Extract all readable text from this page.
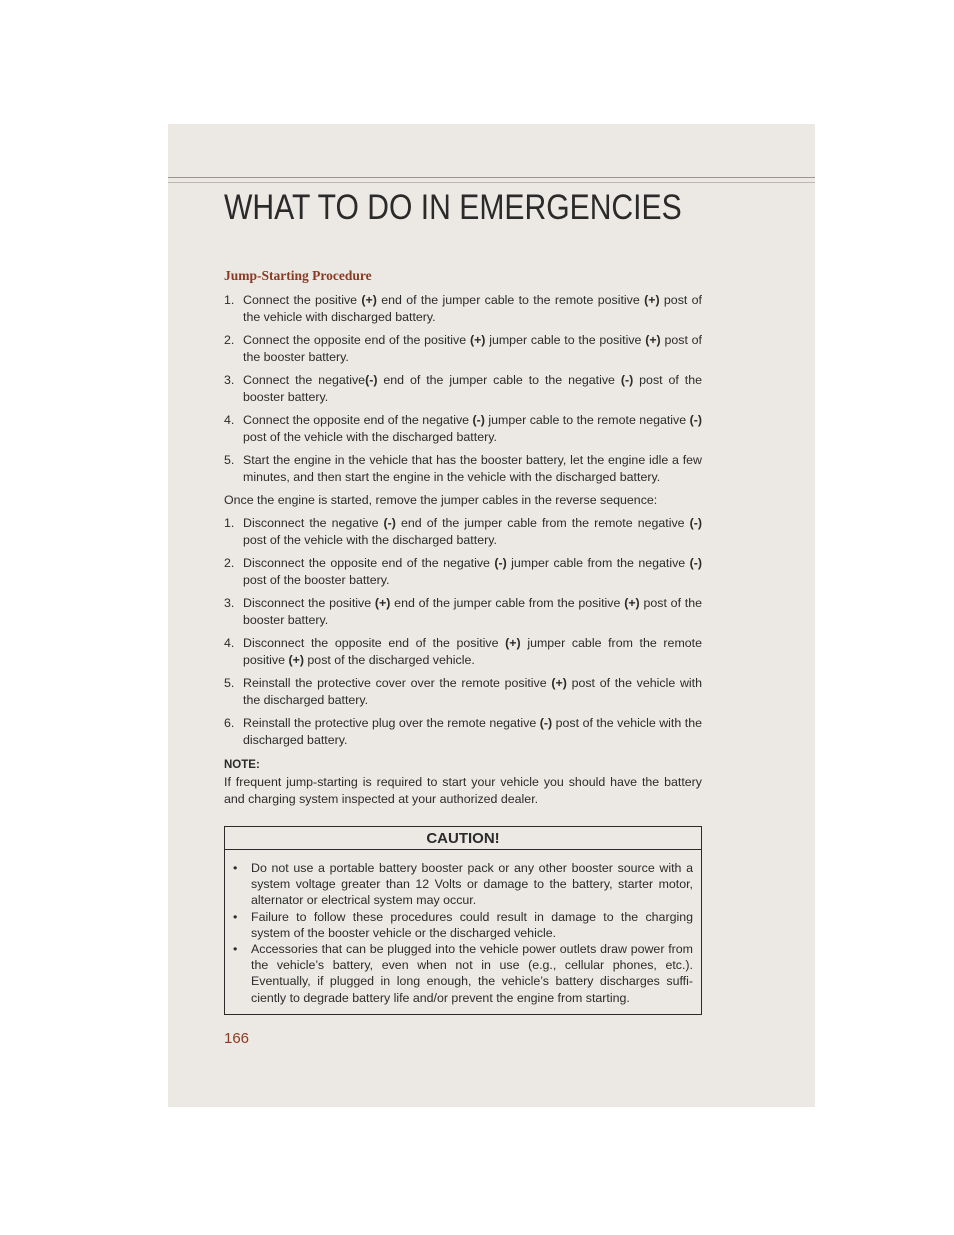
WHAT TO DO IN EMERGENCIES
Jump-Starting Procedure
1. Connect the positive (+) end of the jumper cable to the remote positive (+) post of the vehicle with discharged battery.
2. Connect the opposite end of the positive (+) jumper cable to the positive (+) post of the booster battery.
3. Connect the negative(-) end of the jumper cable to the negative (-) post of the booster battery.
4. Connect the opposite end of the negative (-) jumper cable to the remote negative (-) post of the vehicle with the discharged battery.
5. Start the engine in the vehicle that has the booster battery, let the engine idle a few minutes, and then start the engine in the vehicle with the discharged battery.

Once the engine is started, remove the jumper cables in the reverse sequence:

1. Disconnect the negative (-) end of the jumper cable from the remote negative (-) post of the vehicle with the discharged battery.
2. Disconnect the opposite end of the negative (-) jumper cable from the negative (-) post of the booster battery.
3. Disconnect the positive (+) end of the jumper cable from the positive (+) post of the booster battery.
4. Disconnect the opposite end of the positive (+) jumper cable from the remote positive (+) post of the discharged vehicle.
5. Reinstall the protective cover over the remote positive (+) post of the vehicle with the discharged battery.
6. Reinstall the protective plug over the remote negative (-) post of the vehicle with the discharged battery.
NOTE:

If frequent jump-starting is required to start your vehicle you should have the battery and charging system inspected at your authorized dealer.

CAUTION!
• Do not use a portable battery booster pack or any other booster source with a system voltage greater than 12 Volts or damage to the battery, starter motor, alternator or electrical system may occur.
• Failure to follow these procedures could result in damage to the charging system of the booster vehicle or the discharged vehicle.
• Accessories that can be plugged into the vehicle power outlets draw power from the vehicle’s battery, even when not in use (e.g., cellular phones, etc.). Eventually, if plugged in long enough, the vehicle’s battery discharges suffi-ciently to degrade battery life and/or prevent the engine from starting.
166
